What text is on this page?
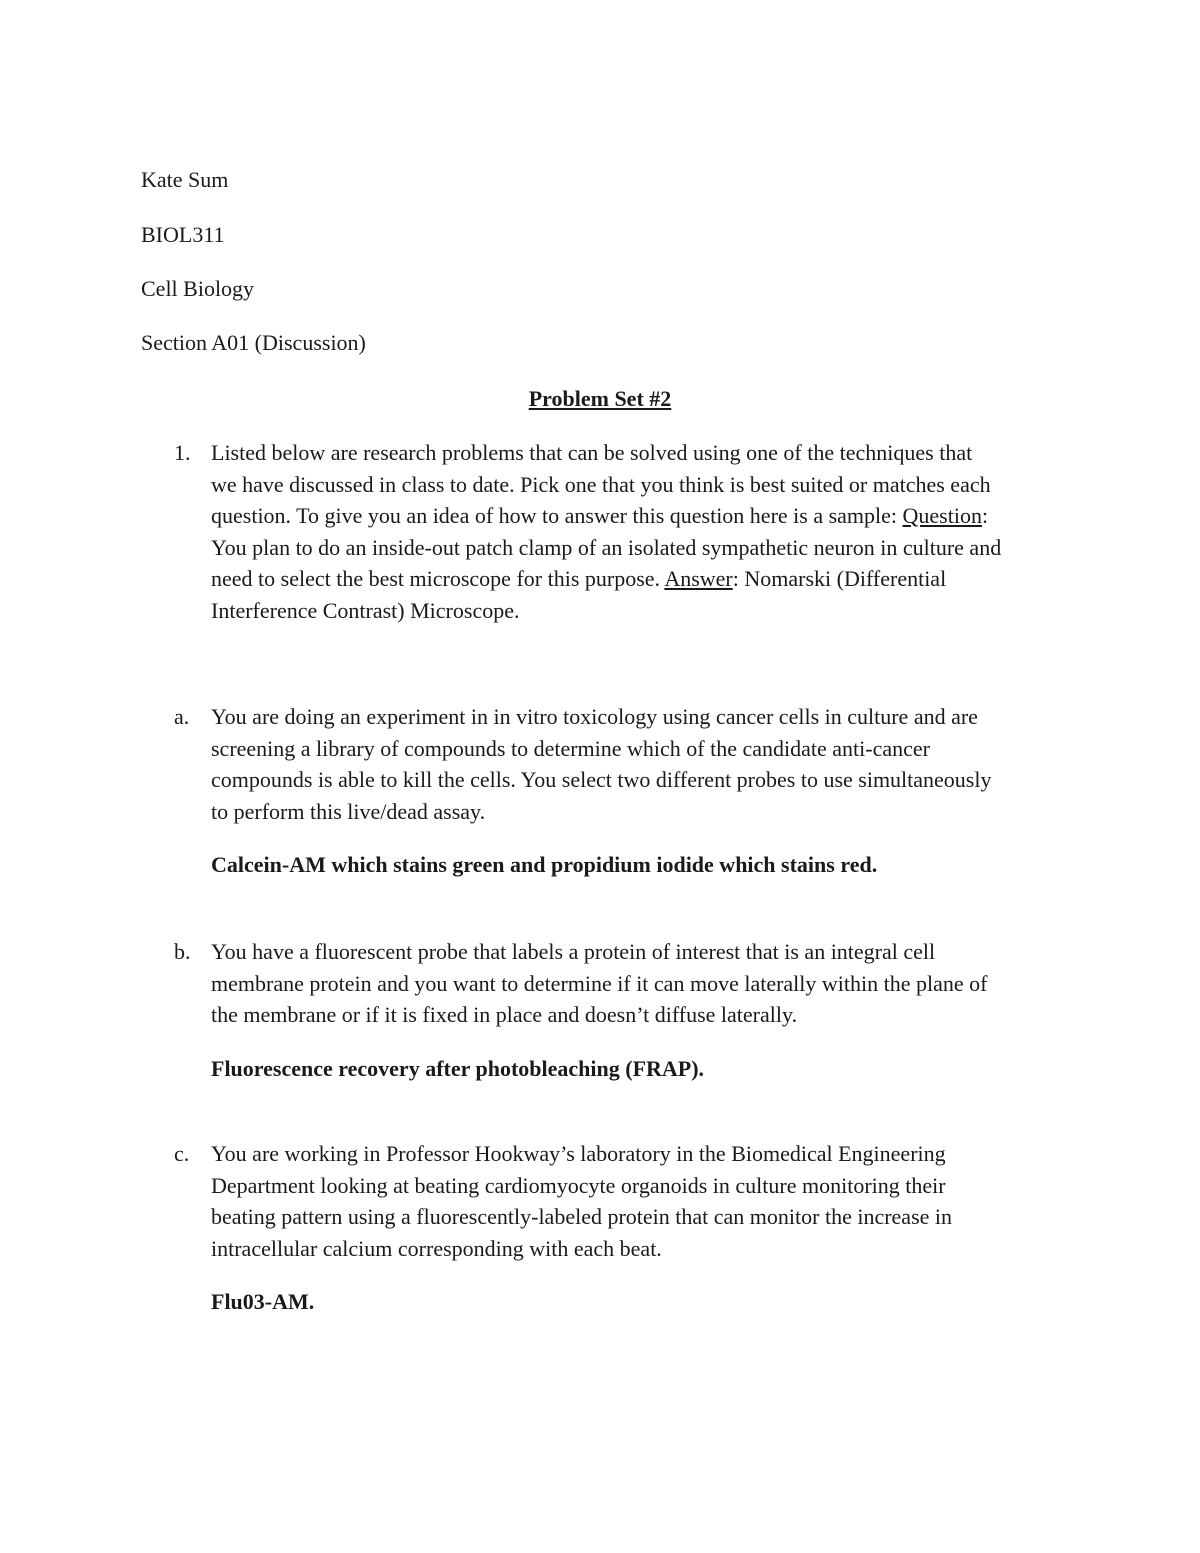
Kate Sum
BIOL311
Cell Biology
Section A01 (Discussion)
Problem Set #2
1. Listed below are research problems that can be solved using one of the techniques that
we have discussed in class to date. Pick one that you think is best suited or matches each
question. To give you an idea of how to answer this question here is a sample: Question:
You plan to do an inside-out patch clamp of an isolated sympathetic neuron in culture and
need to select the best microscope for this purpose. Answer: Nomarski (Differential
Interference Contrast) Microscope.
a. You are doing an experiment in in vitro toxicology using cancer cells in culture and are
screening a library of compounds to determine which of the candidate anti-cancer
compounds is able to kill the cells. You select two different probes to use simultaneously
to perform this live/dead assay.
Calcein-AM which stains green and propidium iodide which stains red.
b. You have a fluorescent probe that labels a protein of interest that is an integral cell
membrane protein and you want to determine if it can move laterally within the plane of
the membrane or if it is fixed in place and doesn’t diffuse laterally.
Fluorescence recovery after photobleaching (FRAP).
c. You are working in Professor Hookway’s laboratory in the Biomedical Engineering
Department looking at beating cardiomyocyte organoids in culture monitoring their
beating pattern using a fluorescently-labeled protein that can monitor the increase in
intracellular calcium corresponding with each beat.
Flu03-AM.
